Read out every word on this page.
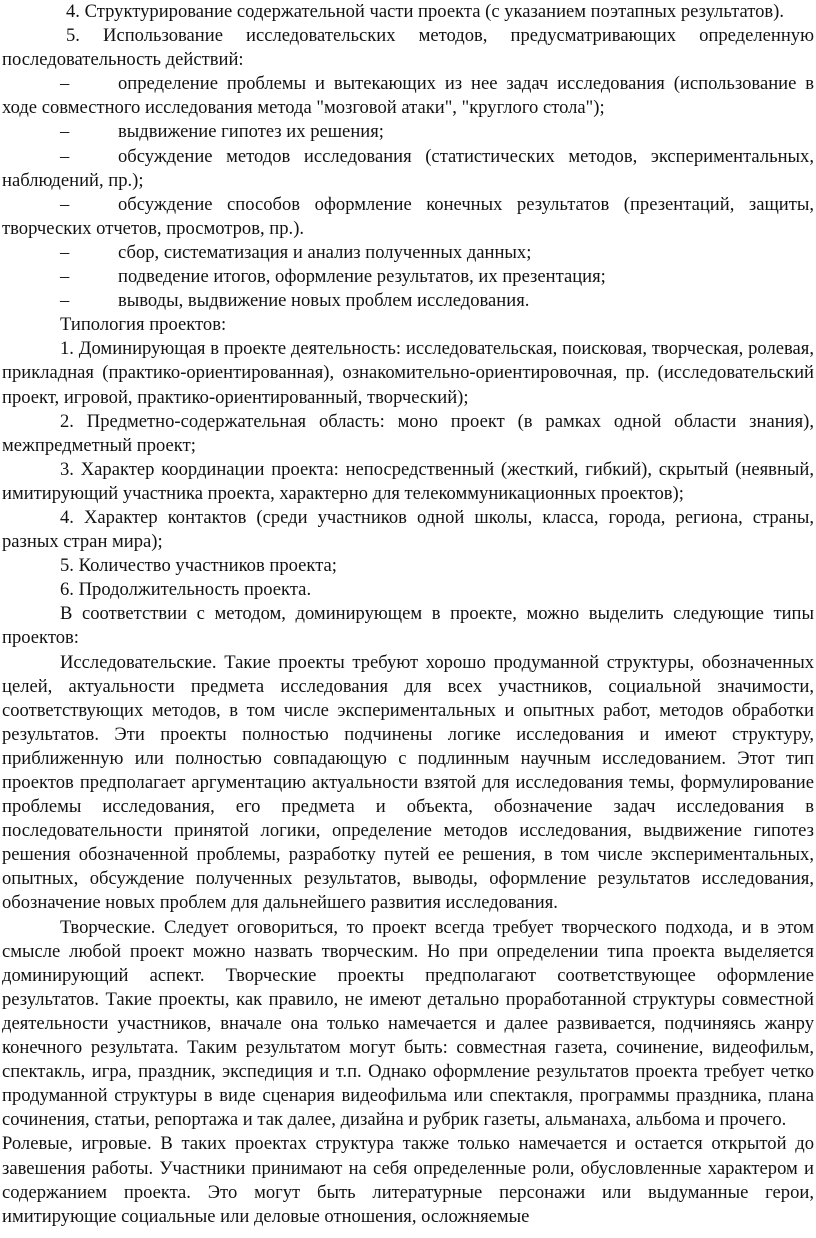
4. Структурирование содержательной части проекта (с указанием поэтапных результатов).

5. Использование исследовательских методов, предусматривающих определенную последовательность действий:

–	определение проблемы и вытекающих из нее задач исследования (использование в ходе совместного исследования метода "мозговой атаки", "круглого стола");

–	выдвижение гипотез их решения;

–	обсуждение методов исследования (статистических методов, экспериментальных, наблюдений, пр.);

–	обсуждение способов оформление конечных результатов (презентаций, защиты, творческих отчетов, просмотров, пр.).

–	сбор, систематизация и анализ полученных данных;

–	подведение итогов, оформление результатов, их презентация;

–	выводы, выдвижение новых проблем исследования.

Типология проектов:

1. Доминирующая в проекте деятельность: исследовательская, поисковая, творческая, ролевая, прикладная (практико-ориентированная), ознакомительно-ориентировочная, пр. (исследовательский проект, игровой, практико-ориентированный, творческий);

2. Предметно-содержательная область: моно проект (в рамках одной области знания), межпредметный проект;

3. Характер координации проекта: непосредственный (жесткий, гибкий), скрытый (неявный, имитирующий участника проекта, характерно для телекоммуникационных проектов);

4. Характер контактов (среди участников одной школы, класса, города, региона, страны, разных стран мира);

5. Количество участников проекта;

6. Продолжительность проекта.

В соответствии с методом, доминирующем в проекте, можно выделить следующие типы проектов:

Исследовательские. Такие проекты требуют хорошо продуманной структуры, обозначенных целей, актуальности предмета исследования для всех участников, социальной значимости, соответствующих методов, в том числе экспериментальных и опытных работ, методов обработки результатов. Эти проекты полностью подчинены логике исследования и имеют структуру, приближенную или полностью совпадающую с подлинным научным исследованием. Этот тип проектов предполагает аргументацию актуальности взятой для исследования темы, формулирование проблемы исследования, его предмета и объекта, обозначение задач исследования в последовательности принятой логики, определение методов исследования, выдвижение гипотез решения обозначенной проблемы, разработку путей ее решения, в том числе экспериментальных, опытных, обсуждение полученных результатов, выводы, оформление результатов исследования, обозначение новых проблем для дальнейшего развития исследования.

Творческие. Следует оговориться, то проект всегда требует творческого подхода, и в этом смысле любой проект можно назвать творческим. Но при определении типа проекта выделяется доминирующий аспект. Творческие проекты предполагают соответствующее оформление результатов. Такие проекты, как правило, не имеют детально проработанной структуры совместной деятельности участников, вначале она только намечается и далее развивается, подчиняясь жанру конечного результата. Таким результатом могут быть: совместная газета, сочинение, видеофильм, спектакль, игра, праздник, экспедиция и т.п. Однако оформление результатов проекта требует четко продуманной структуры в виде сценария видеофильма или спектакля, программы праздника, плана сочинения, статьи, репортажа и так далее, дизайна и рубрик газеты, альманаха, альбома и прочего.

Ролевые, игровые. В таких проектах структура также только намечается и остается открытой до завешения работы. Участники принимают на себя определенные роли, обусловленные характером и содержанием проекта. Это могут быть литературные персонажи или выдуманные герои, имитирующие социальные или деловые отношения, осложняемые
